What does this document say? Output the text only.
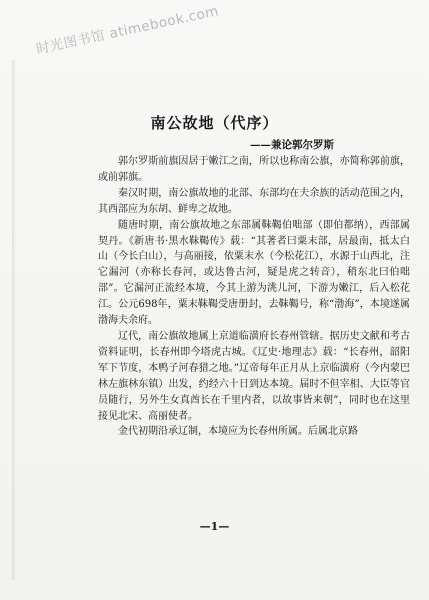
时光图书馆 atimebook.com
南公故地（代序）
——兼论郭尔罗斯

郭尔罗斯前旗因居于嫩江之南，所以也称南公旗，亦简称郭前旗，或前郭旗。

秦汉时期，南公旗故地的北部、东部均在夫余族的活动范围之内，其西部应为东胡、鲜卑之故地。

随唐时期，南公旗故地之东部属靺鞨伯咄部（即伯都纳），西部属契丹。《新唐书·黑水靺鞨传》载：“其著者曰粟末部，居最南，抵太白山（今长白山），与高丽接，依粟末水（今松花江），水源于山西北，注它漏河（亦称长春河，或达鲁古河，疑是虎之转音），稍东北曰伯咄部”。它漏河正流经本境，今其上游为洮儿河，下游为嫩江，后入松花江。公元698年，粟末靺鞨受唐册封，去靺鞨号，称“渤海”，本境遂属渤海夫余府。

辽代，南公旗故地属上京道临潢府长春州管辖。据历史文献和考古资料证明，长春州即今塔虎古城。《辽史·地理志》载：“长春州，韶阳军下节度，本鸭子河春猎之地。”辽帝每年正月从上京临潢府（今内蒙巴林左旗林东镇）出发，约经六十日到达本境。届时不但宰相、大臣等官员随行，另外生女真酋长在千里内者，以故事皆来朝”，同时也在这里接见北宋、高丽使者。

金代初期沿承辽制，本境应为长春州所属。后属北京路

—1—
